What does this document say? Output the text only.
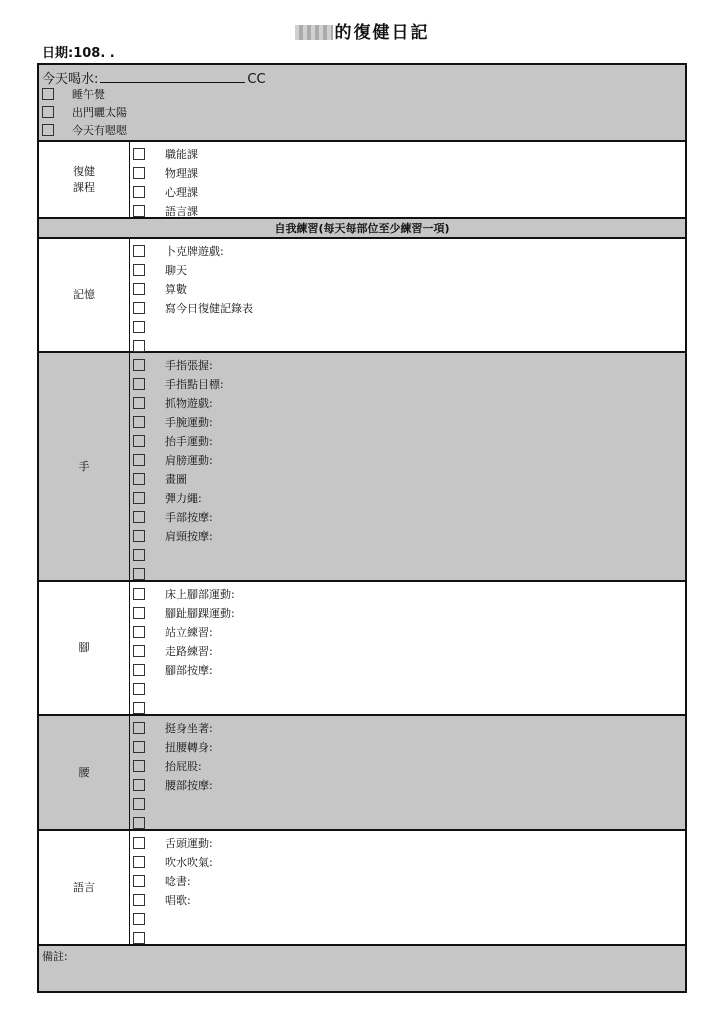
的復健日記
日期:108. .
今天喝水:	CC
睡午覺
出門曬太陽
今天有嗯嗯
復健
課程
職能課
物理課
心理課
語言課
自我練習(每天每部位至少練習一項)
記憶
卜克牌遊戲:
聊天
算數
寫今日復健記錄表
手
手指張握:
手指點目標:
抓物遊戲:
手腕運動:
抬手運動:
肩膀運動:
畫圖
彈力繩:
手部按摩:
肩頸按摩:
腳
床上腳部運動:
腳趾腳踝運動:
站立練習:
走路練習:
腳部按摩:
腰
挺身坐著:
扭腰轉身:
抬屁股:
腰部按摩:
語言
舌頭運動:
吹水吹氣:
唸書:
唱歌:
備註:
